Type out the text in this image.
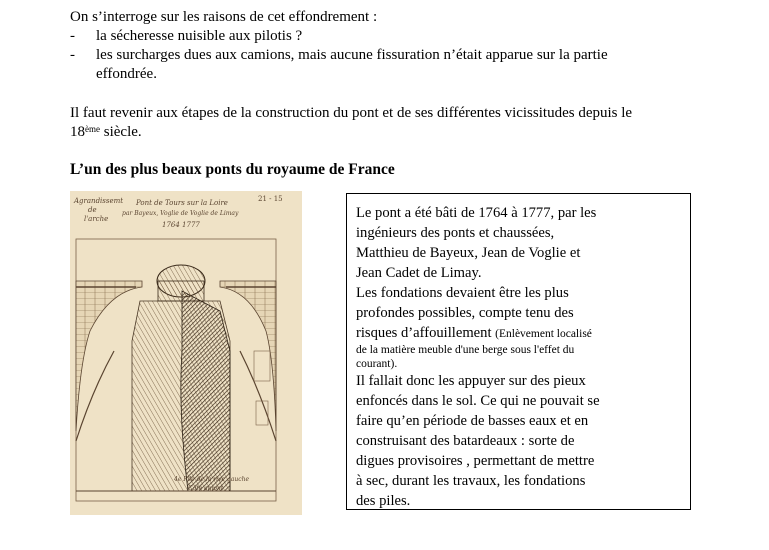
On s’interroge sur les raisons de cet effondrement :
- la sécheresse nuisible aux pilotis ?
- les surcharges dues aux camions, mais aucune fissuration n’était apparue sur la partie
effondrée.
Il faut revenir aux étapes de la construction du pont et de ses différentes vicissitudes depuis le
18ème siècle.
L’un des plus beaux ponts du royaume de France
Agrandissemt
de
l'arche
Pont de Tours sur la Loire
par Bayeux, Voglie de Voglie de Limay
1764 1777
21 - 15
4e Pile de la rive gauche
Côté amont
Le pont a été bâti de 1764 à 1777, par les
ingénieurs des ponts et chaussées,
Matthieu de Bayeux, Jean de Voglie et
Jean Cadet de Limay.
Les fondations devaient être les plus
profondes possibles, compte tenu des
risques d’affouillement (Enlèvement localisé
de la matière meuble d'une berge sous l'effet du
courant).
Il fallait donc les appuyer sur des pieux
enfoncés dans le sol. Ce qui ne pouvait se
faire qu’en période de basses eaux et en
construisant des batardeaux : sorte de
digues provisoires , permettant de mettre
à sec, durant les travaux, les fondations
des piles.
